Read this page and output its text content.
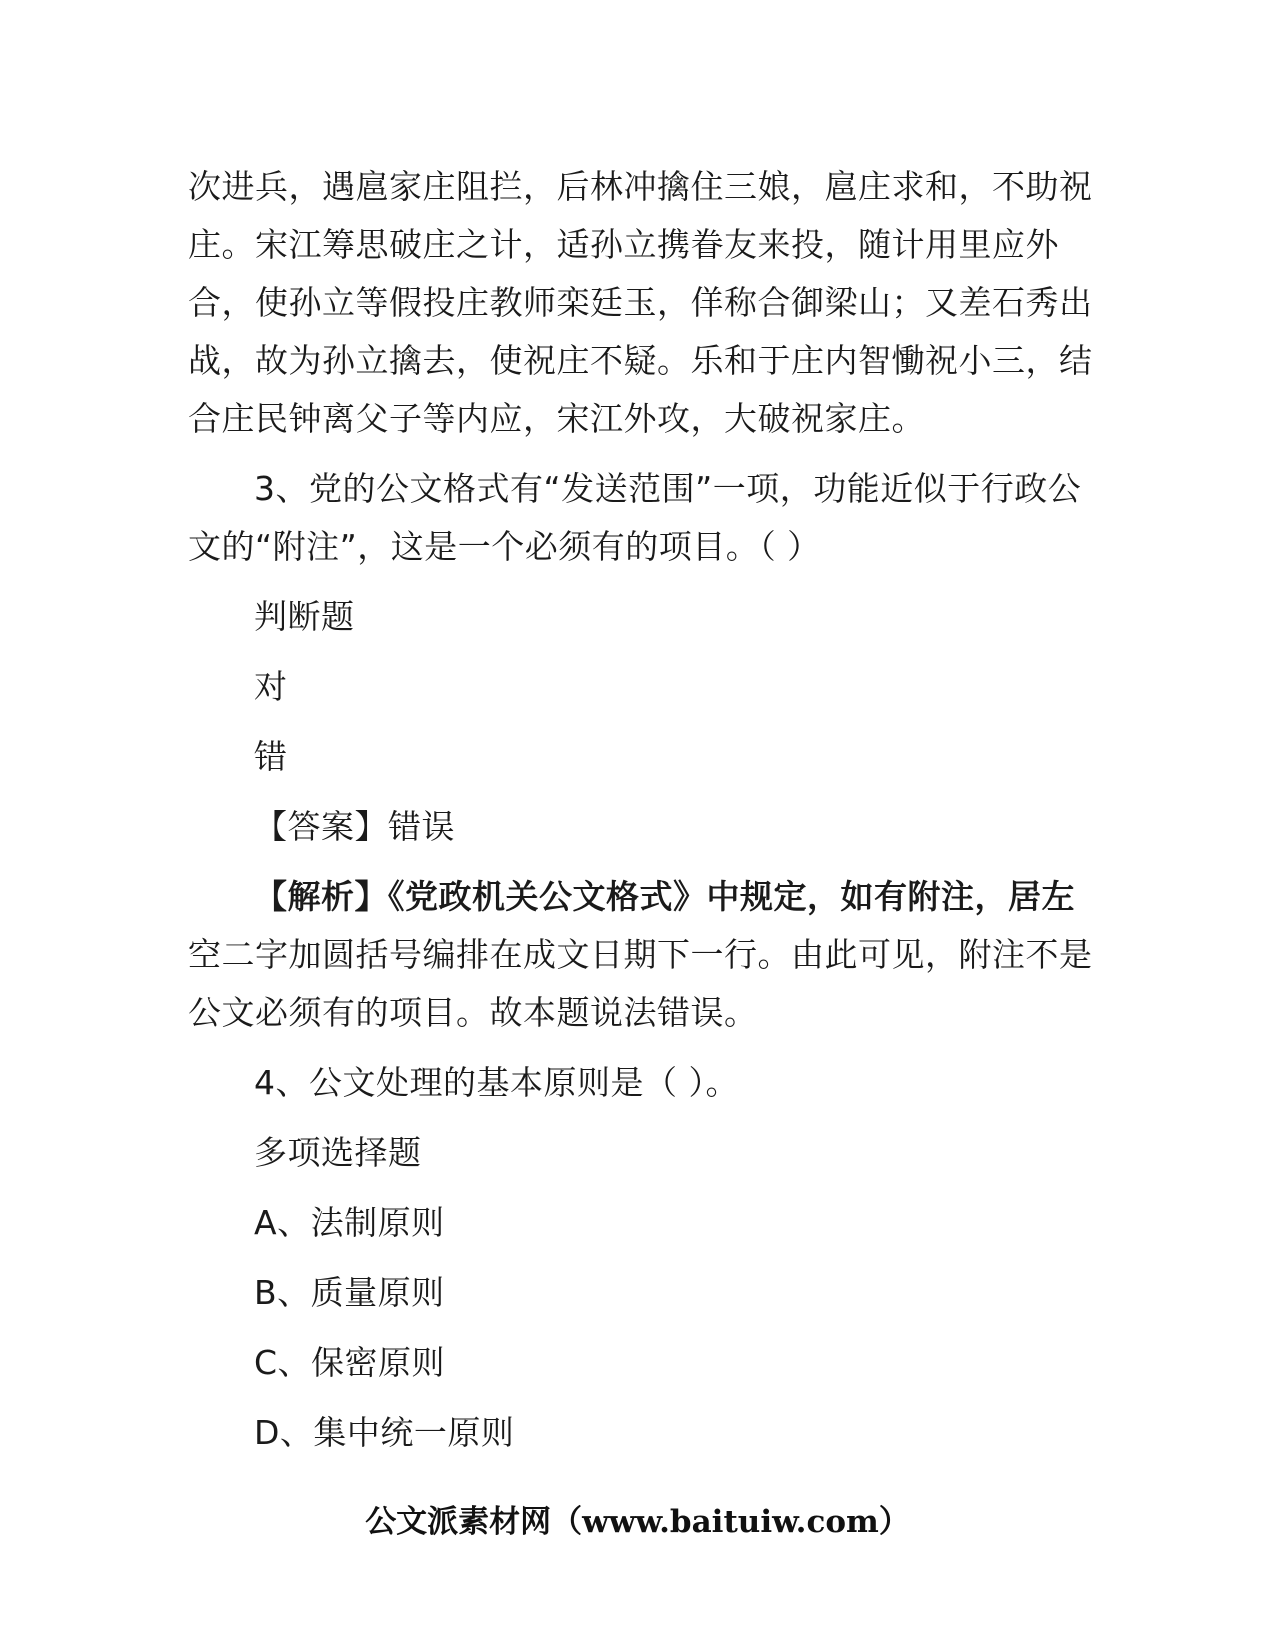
次进兵，遇扈家庄阻拦，后林冲擒住三娘，扈庄求和，不助祝
庄。宋江筹思破庄之计，适孙立携眷友来投，随计用里应外
合，使孙立等假投庄教师栾廷玉，佯称合御梁山；又差石秀出
战，故为孙立擒去，使祝庄不疑。乐和于庄内智慟祝小三，结
合庄民钟离父子等内应，宋江外攻，大破祝家庄。
3、党的公文格式有“发送范围”一项，功能近似于行政公
文的“附注”，这是一个必须有的项目。（ ）
判断题
对
错
【答案】错误
【解析】《党政机关公文格式》中规定，如有附注，居左
空二字加圆括号编排在成文日期下一行。由此可见，附注不是
公文必须有的项目。故本题说法错误。
4、公文处理的基本原则是（ ）。
多项选择题
A、法制原则
B、质量原则
C、保密原则
D、集中统一原则
公文派素材网（www.baituiw.com）
